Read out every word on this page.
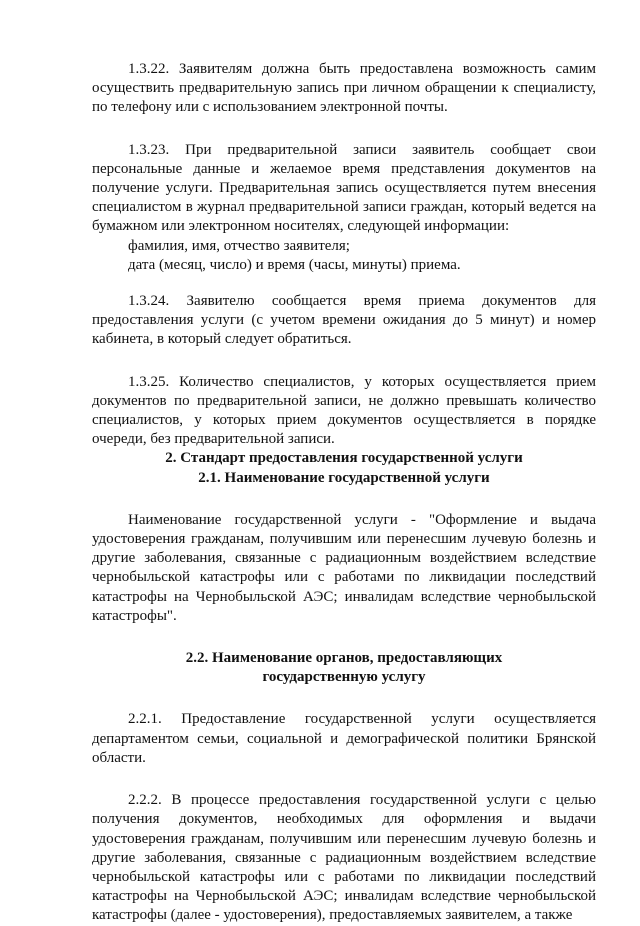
1.3.22. Заявителям должна быть предоставлена возможность самим осуществить предварительную запись при личном обращении к специалисту, по телефону или с использованием электронной почты.

1.3.23. При предварительной записи заявитель сообщает свои персональные данные и желаемое время представления документов на получение услуги. Предварительная запись осуществляется путем внесения специалистом в журнал предварительной записи граждан, который ведется на бумажном или электронном носителях, следующей информации:

фамилия, имя, отчество заявителя;

дата (месяц, число) и время (часы, минуты) приема.

1.3.24. Заявителю сообщается время приема документов для предоставления услуги (с учетом времени ожидания до 5 минут) и номер кабинета, в который следует обратиться.

1.3.25. Количество специалистов, у которых осуществляется прием документов по предварительной записи, не должно превышать количество специалистов, у которых прием документов осуществляется в порядке очереди, без предварительной записи.

2. Стандарт предоставления государственной услуги

2.1. Наименование государственной услуги

Наименование государственной услуги - "Оформление и выдача удостоверения гражданам, получившим или перенесшим лучевую болезнь и другие заболевания, связанные с радиационным воздействием вследствие чернобыльской катастрофы или с работами по ликвидации последствий катастрофы на Чернобыльской АЭС; инвалидам вследствие чернобыльской катастрофы".

2.2. Наименование органов, предоставляющих

государственную услугу

2.2.1. Предоставление государственной услуги осуществляется департаментом семьи, социальной и демографической политики Брянской области.

2.2.2. В процессе предоставления государственной услуги с целью получения документов, необходимых для оформления и выдачи удостоверения гражданам, получившим или перенесшим лучевую болезнь и другие заболевания, связанные с радиационным воздействием вследствие чернобыльской катастрофы или с работами по ликвидации последствий катастрофы на Чернобыльской АЭС; инвалидам вследствие чернобыльской катастрофы (далее - удостоверения), предоставляемых заявителем, а также
